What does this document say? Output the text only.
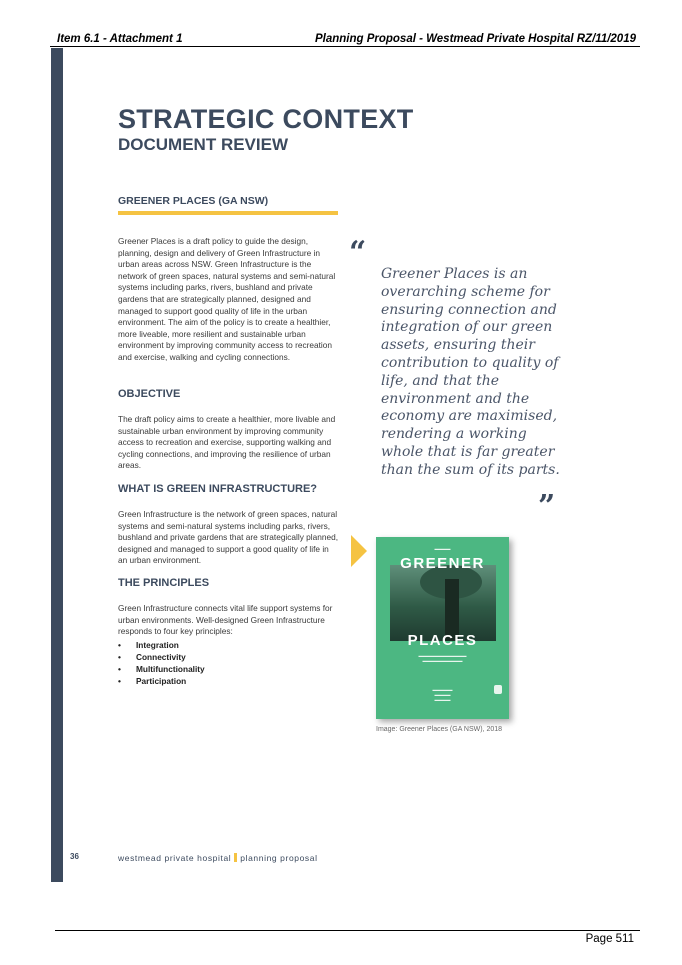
Item 6.1 - Attachment 1	Planning Proposal - Westmead Private Hospital RZ/11/2019
STRATEGIC CONTEXT
DOCUMENT REVIEW
GREENER PLACES (GA NSW)

Greener Places is a draft policy to guide the design, planning, design and delivery of Green Infrastructure in urban areas across NSW. Green Infrastructure is the network of green spaces, natural systems and semi-natural systems including parks, rivers, bushland and private gardens that are strategically planned, designed and managed to support good quality of life in the urban environment. The aim of the policy is to create a healthier, more liveable, more resilient and sustainable urban environment by improving community access to recreation and exercise, walking and cycling connections.

OBJECTIVE

The draft policy aims to create a healthier, more livable and sustainable urban environment by improving community access to recreation and exercise, supporting walking and cycling connections, and improving the resilience of urban areas.

WHAT IS GREEN INFRASTRUCTURE?

Green Infrastructure is the network of green spaces, natural systems and semi-natural systems including parks, rivers, bushland and private gardens that are strategically planned, designed and managed to support a good quality of life in an urban environment.

THE PRINCIPLES

Green Infrastructure connects vital life support systems for urban environments. Well-designed Green Infrastructure responds to four key principles:

• Integration
• Connectivity
• Multifunctionality
• Participation
“
Greener Places is an overarching scheme for ensuring connection and integration of our green assets, ensuring their contribution to quality of life, and that the environment and the economy are maximised, rendering a working whole that is far greater than the sum of its parts.
”
▬▬▬▬
GREENER
PLACES
▬▬▬▬▬▬▬▬▬▬▬▬
▬▬▬▬▬▬▬▬▬▬
▬▬▬▬▬
▬▬▬▬
▬▬▬▬
Image: Greener Places (GA NSW), 2018
36	westmead private hospital planning proposal
Page 511
